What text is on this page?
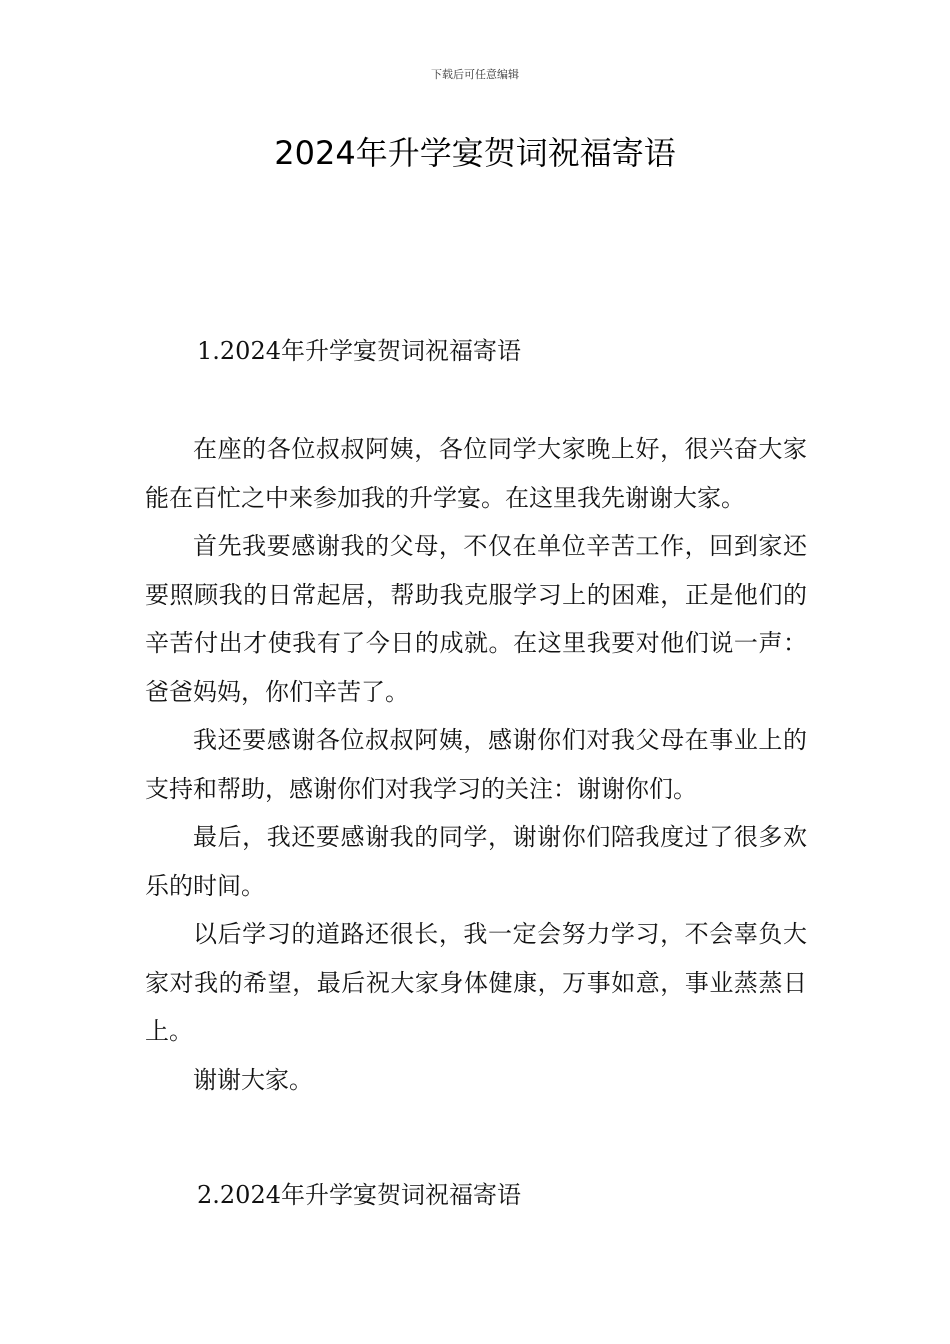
下载后可任意编辑
2024年升学宴贺词祝福寄语
1.2024年升学宴贺词祝福寄语

在座的各位叔叔阿姨，各位同学大家晚上好，很兴奋大家能在百忙之中来参加我的升学宴。在这里我先谢谢大家。

首先我要感谢我的父母，不仅在单位辛苦工作，回到家还要照顾我的日常起居，帮助我克服学习上的困难，正是他们的辛苦付出才使我有了今日的成就。在这里我要对他们说一声：爸爸妈妈，你们辛苦了。

我还要感谢各位叔叔阿姨，感谢你们对我父母在事业上的支持和帮助，感谢你们对我学习的关注：谢谢你们。

最后，我还要感谢我的同学，谢谢你们陪我度过了很多欢乐的时间。

以后学习的道路还很长，我一定会努力学习，不会辜负大家对我的希望，最后祝大家身体健康，万事如意，事业蒸蒸日上。

谢谢大家。

2.2024年升学宴贺词祝福寄语
